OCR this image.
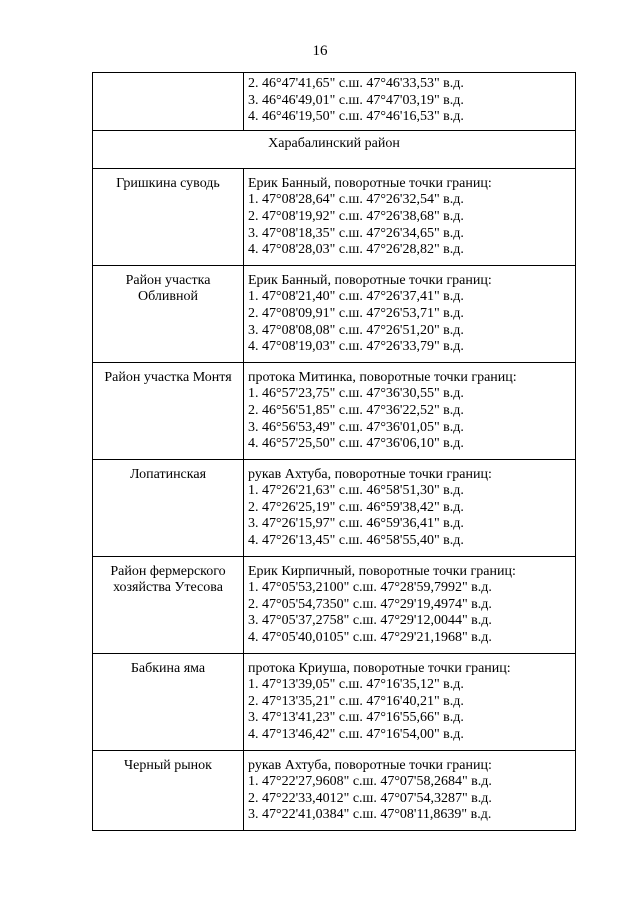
16

	2. 46°47'41,65" с.ш. 47°46'33,53" в.д.
3. 46°46'49,01" с.ш. 47°47'03,19" в.д.
4. 46°46'19,50" с.ш. 47°46'16,53" в.д.

Харабалинский район	
Гришкина суводь	Ерик Банный, поворотные точки границ:
1. 47°08'28,64" с.ш. 47°26'32,54" в.д.
2. 47°08'19,92" с.ш. 47°26'38,68" в.д.
3. 47°08'18,35" с.ш. 47°26'34,65" в.д.
4. 47°08'28,03" с.ш. 47°26'28,82" в.д.

Район участка Обливной	Ерик Банный, поворотные точки границ:
1. 47°08'21,40" с.ш. 47°26'37,41" в.д.
2. 47°08'09,91" с.ш. 47°26'53,71" в.д.
3. 47°08'08,08" с.ш. 47°26'51,20" в.д.
4. 47°08'19,03" с.ш. 47°26'33,79" в.д.

Район участка Монтя	протока Митинка, поворотные точки границ:
1. 46°57'23,75" с.ш. 47°36'30,55" в.д.
2. 46°56'51,85" с.ш. 47°36'22,52" в.д.
3. 46°56'53,49" с.ш. 47°36'01,05" в.д.
4. 46°57'25,50" с.ш. 47°36'06,10" в.д.

Лопатинская	рукав Ахтуба, поворотные точки границ:
1. 47°26'21,63" с.ш. 46°58'51,30" в.д.
2. 47°26'25,19" с.ш. 46°59'38,42" в.д.
3. 47°26'15,97" с.ш. 46°59'36,41" в.д.
4. 47°26'13,45" с.ш. 46°58'55,40" в.д.

Район фермерского хозяйства Утесова	Ерик Кирпичный, поворотные точки границ:
1. 47°05'53,2100" с.ш. 47°28'59,7992" в.д.
2. 47°05'54,7350" с.ш. 47°29'19,4974" в.д.
3. 47°05'37,2758" с.ш. 47°29'12,0044" в.д.
4. 47°05'40,0105" с.ш. 47°29'21,1968" в.д.

Бабкина яма	протока Криуша, поворотные точки границ:
1. 47°13'39,05" с.ш. 47°16'35,12" в.д.
2. 47°13'35,21" с.ш. 47°16'40,21" в.д.
3. 47°13'41,23" с.ш. 47°16'55,66" в.д.
4. 47°13'46,42" с.ш. 47°16'54,00" в.д.

Черный рынок	рукав Ахтуба, поворотные точки границ:
1. 47°22'27,9608" с.ш. 47°07'58,2684" в.д.
2. 47°22'33,4012" с.ш. 47°07'54,3287" в.д.
3. 47°22'41,0384" с.ш. 47°08'11,8639" в.д.
